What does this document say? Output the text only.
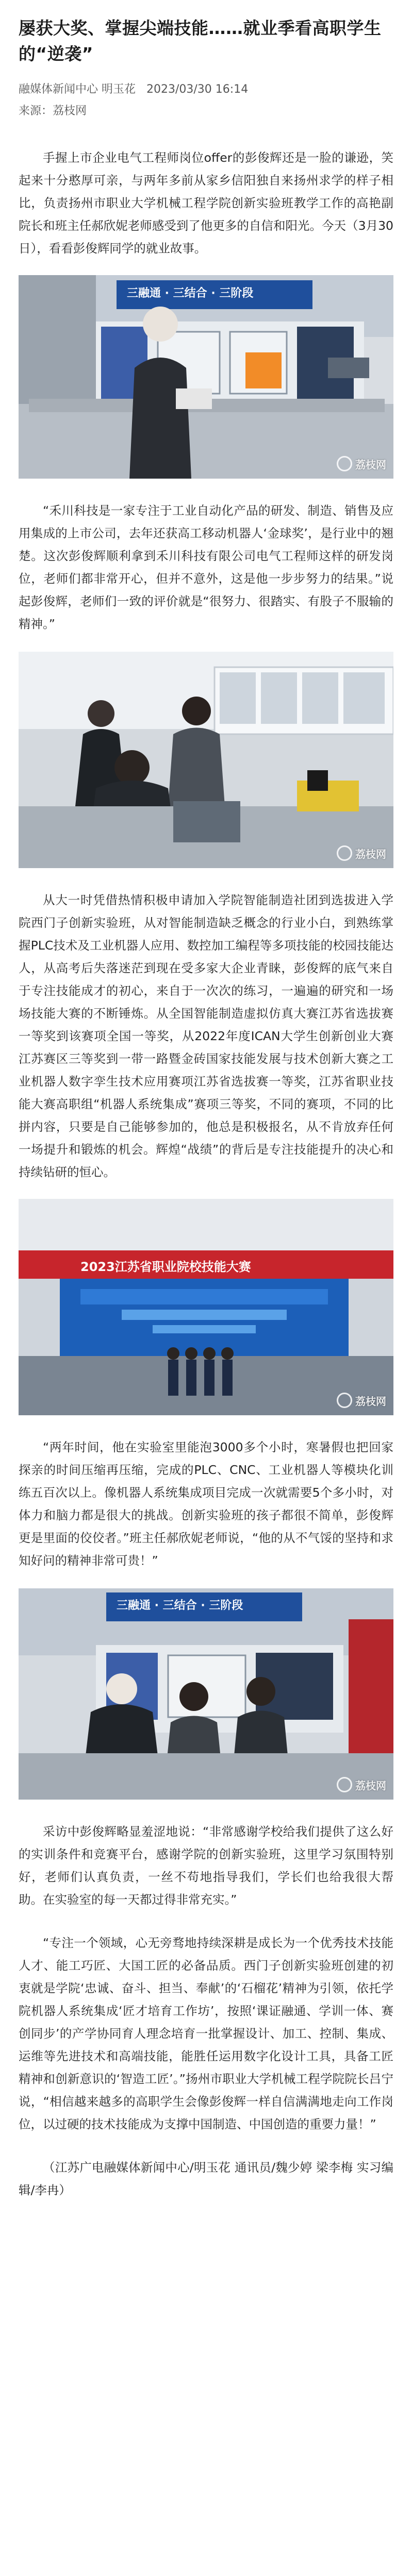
屡获大奖、掌握尖端技能……就业季看高职学生的“逆袭”
融媒体新闻中心 明玉花 2023/03/30 16:14
来源：荔枝网

手握上市企业电气工程师岗位offer的彭俊辉还是一脸的谦逊，笑起来十分憨厚可亲，与两年多前从家乡信阳独自来扬州求学的样子相比，负责扬州市职业大学机械工程学院创新实验班教学工作的高艳副院长和班主任郝欣妮老师感受到了他更多的自信和阳光。今天（3月30日），看看彭俊辉同学的就业故事。

三融通 · 三结合 · 三阶段
荔枝网

“禾川科技是一家专注于工业自动化产品的研发、制造、销售及应用集成的上市公司，去年还获高工移动机器人‘金球奖’，是行业中的翘楚。这次彭俊辉顺利拿到禾川科技有限公司电气工程师这样的研发岗位，老师们都非常开心，但并不意外，这是他一步步努力的结果。”说起彭俊辉，老师们一致的评价就是“很努力、很踏实、有股子不服输的精神。”

荔枝网

从大一时凭借热情积极申请加入学院智能制造社团到选拔进入学院西门子创新实验班，从对智能制造缺乏概念的行业小白，到熟练掌握PLC技术及工业机器人应用、数控加工编程等多项技能的校园技能达人，从高考后失落迷茫到现在受多家大企业青睐，彭俊辉的底气来自于专注技能成才的初心，来自于一次次的练习，一遍遍的研究和一场场技能大赛的不断锤炼。从全国智能制造虚拟仿真大赛江苏省选拔赛一等奖到该赛项全国一等奖，从2022年度ICAN大学生创新创业大赛江苏赛区三等奖到一带一路暨金砖国家技能发展与技术创新大赛之工业机器人数字孪生技术应用赛项江苏省选拔赛一等奖，江苏省职业技能大赛高职组“机器人系统集成”赛项三等奖，不同的赛项，不同的比拼内容，只要是自己能够参加的，他总是积极报名，从不肯放弃任何一场提升和锻炼的机会。辉煌“战绩”的背后是专注技能提升的决心和持续钻研的恒心。

2023江苏省职业院校技能大赛
荔枝网

“两年时间，他在实验室里能泡3000多个小时，寒暑假也把回家探亲的时间压缩再压缩，完成的PLC、CNC、工业机器人等模块化训练五百次以上。像机器人系统集成项目完成一次就需要5个多小时，对体力和脑力都是很大的挑战。创新实验班的孩子都很不简单，彭俊辉更是里面的佼佼者。”班主任郝欣妮老师说，“他的从不气馁的坚持和求知好问的精神非常可贵！”

三融通 · 三结合 · 三阶段
荔枝网

采访中彭俊辉略显羞涩地说：“非常感谢学校给我们提供了这么好的实训条件和竞赛平台，感谢学院的创新实验班，这里学习氛围特别好，老师们认真负责，一丝不苟地指导我们，学长们也给我很大帮助。在实验室的每一天都过得非常充实。”

“专注一个领域，心无旁骛地持续深耕是成长为一个优秀技术技能人才、能工巧匠、大国工匠的必备品质。西门子创新实验班创建的初衷就是学院‘忠诚、奋斗、担当、奉献’的‘石榴花’精神为引领，依托学院机器人系统集成‘匠才培育工作坊’，按照‘课证融通、学训一体、赛创同步’的产学协同育人理念培育一批掌握设计、加工、控制、集成、运维等先进技术和高端技能，能胜任运用数字化设计工具，具备工匠精神和创新意识的‘智造工匠’。”扬州市职业大学机械工程学院院长吕宁说，“相信越来越多的高职学生会像彭俊辉一样自信满满地走向工作岗位，以过硬的技术技能成为支撑中国制造、中国创造的重要力量！”

（江苏广电融媒体新闻中心/明玉花 通讯员/魏少婷 梁李梅 实习编辑/李冉）
